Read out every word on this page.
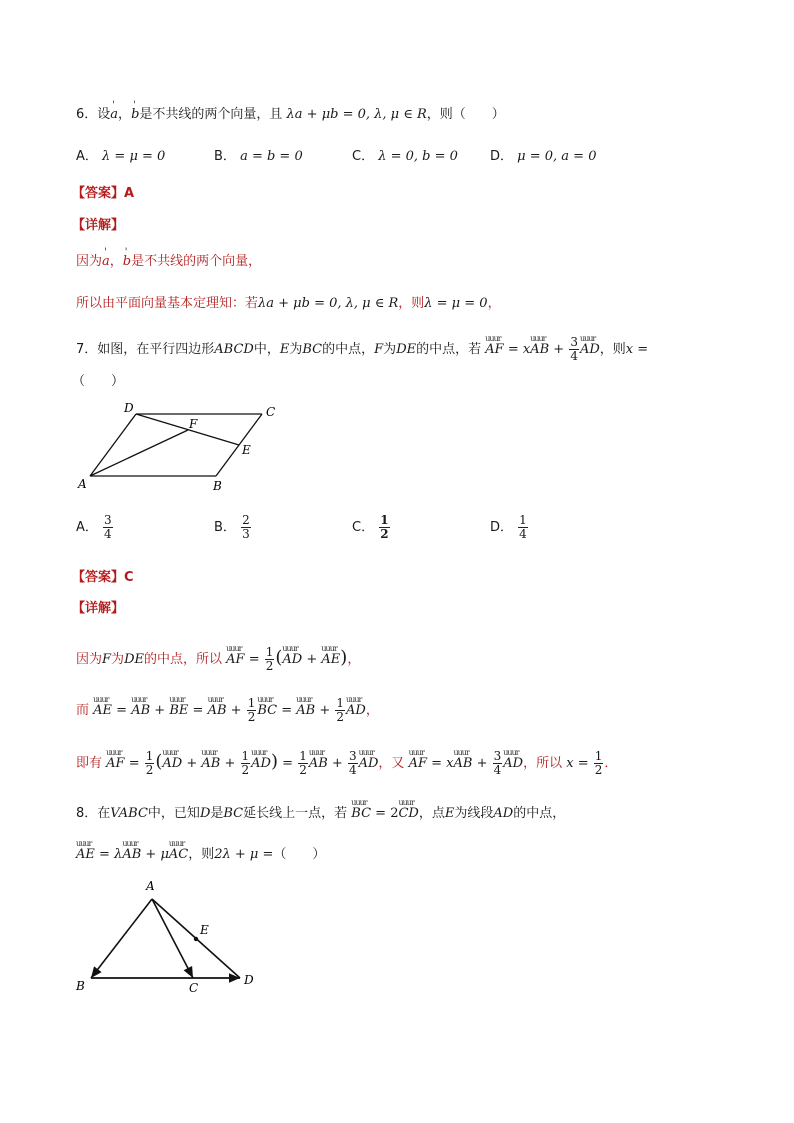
6．设' a，' b是不共线的两个向量，且 λa + μb = 0, λ, μ ∈ R，则（　　）
A． λ = μ = 0	B． a = b = 0	C． λ = 0, b = 0 D． μ = 0, a = 0
【答案】A
【详解】
因为' a，' b是不共线的两个向量，
所以由平面向量基本定理知：若λa + μb = 0, λ, μ ∈ R，则λ = μ = 0，
7．如图，在平行四边形ABCD中，E为BC的中点，F为DE的中点，若 uuur AF = xuuur AB + $\frac{3}{4}$ uuur AD，则x =
（　　）
A	B
C
D
E
F
A． $\frac{3}{4}$	B． $\frac{2}{3}$	C． $\frac{1}{2}$	D． $\frac{1}{4}$
【答案】C
【详解】
因为F为DE的中点，所以 uuur AF = $\frac{1}{2}$ (uuur AD + uuur AE)，
而 uuur AE = uuur AB + uuur BE = uuur AB + $\frac{1}{2}$ uuur BC = uuur AB + $\frac{1}{2}$ uuur AD，
即有 uuur AF = $\frac{1}{2}$ (uuur AD + uuur AB + $\frac{1}{2}$ uuur $AD) = \frac{1}{2}$ uuur AB + $\frac{3}{4}$ uuur AD，又 uuur AF = xuuur AB + $\frac{3}{4}$ uuur AD，所以 $x = \frac{1}{2}$ ．
8．在VABC中，已知D是BC延长线上一点，若 uuur BC = 2uuur CD，点E为线段AD的中点，
uuur AE = λuuur AB + μuuur AC，则2λ + μ =（　　）
A
B	C
D
E
